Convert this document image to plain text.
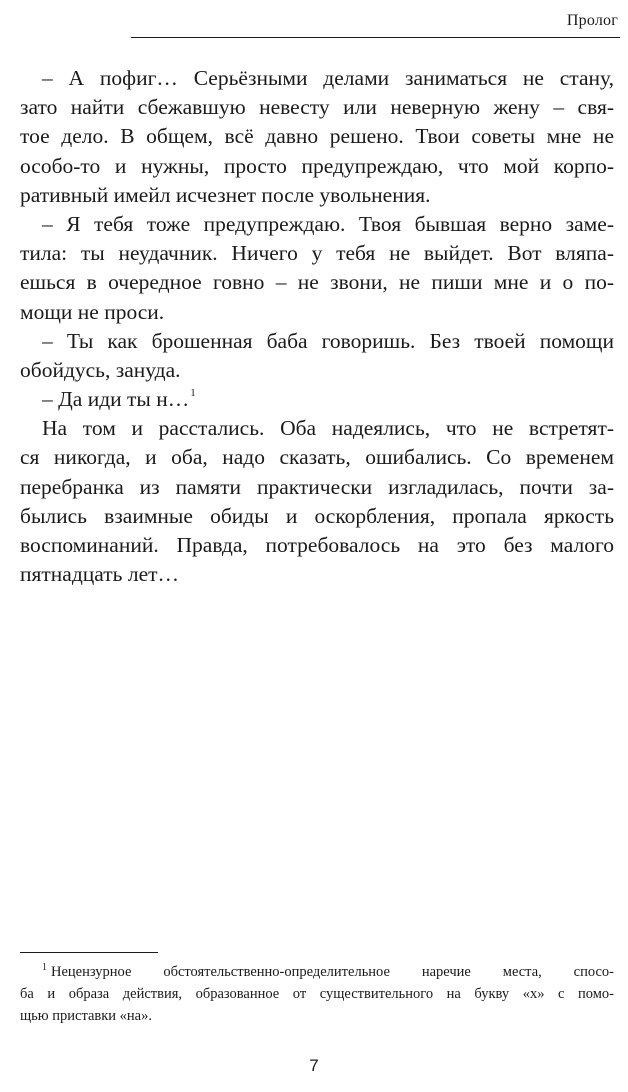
Пролог
– А пофиг… Серьёзными делами заниматься не стану,
зато найти сбежавшую невесту или неверную жену – свя-
тое дело. В общем, всё давно решено. Твои советы мне не
особо-то и нужны, просто предупреждаю, что мой корпо-
ративный имейл исчезнет после увольнения.
– Я тебя тоже предупреждаю. Твоя бывшая верно заме-
тила: ты неудачник. Ничего у тебя не выйдет. Вот вляпа-
ешься в очередное говно – не звони, не пиши мне и о по-
мощи не проси.
– Ты как брошенная баба говоришь. Без твоей помощи
обойдусь, зануда.
– Да иди ты н…$^1$
На том и расстались. Оба надеялись, что не встретят-
ся никогда, и оба, надо сказать, ошибались. Со временем
перебранка из памяти практически изгладилась, почти за-
былись взаимные обиды и оскорбления, пропала яркость
воспоминаний. Правда, потребовалось на это без малого
пятнадцать лет…
$^1$ Нецензурное обстоятельственно-определительное наречие места, спосо-
ба и образа действия, образованное от существительного на букву «х» с помо-
щью приставки «на».
7
